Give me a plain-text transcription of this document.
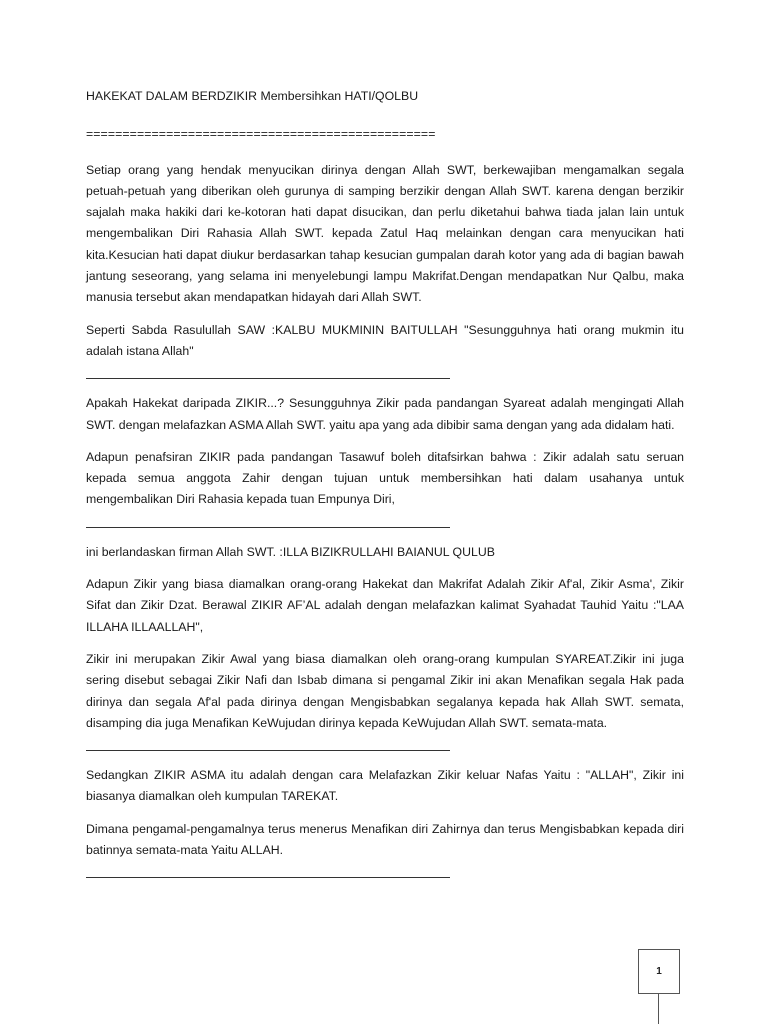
HAKEKAT DALAM BERDZIKIR Membersihkan HATI/QOLBU

================================================

Setiap orang yang hendak menyucikan dirinya dengan Allah SWT, berkewajiban mengamalkan segala petuah-petuah yang diberikan oleh gurunya di samping berzikir dengan Allah SWT. karena dengan berzikir sajalah maka hakiki dari ke-kotoran hati dapat disucikan, dan perlu diketahui bahwa tiada jalan lain untuk mengembalikan Diri Rahasia Allah SWT. kepada Zatul Haq melainkan dengan cara menyucikan hati kita.Kesucian hati dapat diukur berdasarkan tahap kesucian gumpalan darah kotor yang ada di bagian bawah jantung seseorang, yang selama ini menyelebungi lampu Makrifat.Dengan mendapatkan Nur Qalbu, maka manusia tersebut akan mendapatkan hidayah dari Allah SWT.

Seperti Sabda Rasulullah SAW :KALBU MUKMININ BAITULLAH "Sesungguhnya hati orang mukmin itu adalah istana Allah"

Apakah Hakekat daripada ZIKIR...? Sesungguhnya Zikir pada pandangan Syareat adalah mengingati Allah SWT. dengan melafazkan ASMA Allah SWT. yaitu apa yang ada dibibir sama dengan yang ada didalam hati.

Adapun penafsiran ZIKIR pada pandangan Tasawuf boleh ditafsirkan bahwa : Zikir adalah satu seruan kepada semua anggota Zahir dengan tujuan untuk membersihkan hati dalam usahanya untuk mengembalikan Diri Rahasia kepada tuan Empunya Diri,

ini berlandaskan firman Allah SWT. :ILLA BIZIKRULLAHI BAIANUL QULUB

Adapun Zikir yang biasa diamalkan orang-orang Hakekat dan Makrifat Adalah Zikir Af'al, Zikir Asma', Zikir Sifat dan Zikir Dzat. Berawal ZIKIR AF’AL adalah dengan melafazkan kalimat Syahadat Tauhid Yaitu :"LAA ILLAHA ILLAALLAH",

Zikir ini merupakan Zikir Awal yang biasa diamalkan oleh orang-orang kumpulan SYAREAT.Zikir ini juga sering disebut sebagai Zikir Nafi dan Isbab dimana si pengamal Zikir ini akan Menafikan segala Hak pada dirinya dan segala Af'al pada dirinya dengan Mengisbabkan segalanya kepada hak Allah SWT. semata, disamping dia juga Menafikan KeWujudan dirinya kepada KeWujudan Allah SWT. semata-mata.

Sedangkan ZIKIR ASMA itu adalah dengan cara Melafazkan Zikir keluar Nafas Yaitu : "ALLAH", Zikir ini biasanya diamalkan oleh kumpulan TAREKAT.

Dimana pengamal-pengamalnya terus menerus Menafikan diri Zahirnya dan terus Mengisbabkan kepada diri batinnya semata-mata Yaitu ALLAH.

1
